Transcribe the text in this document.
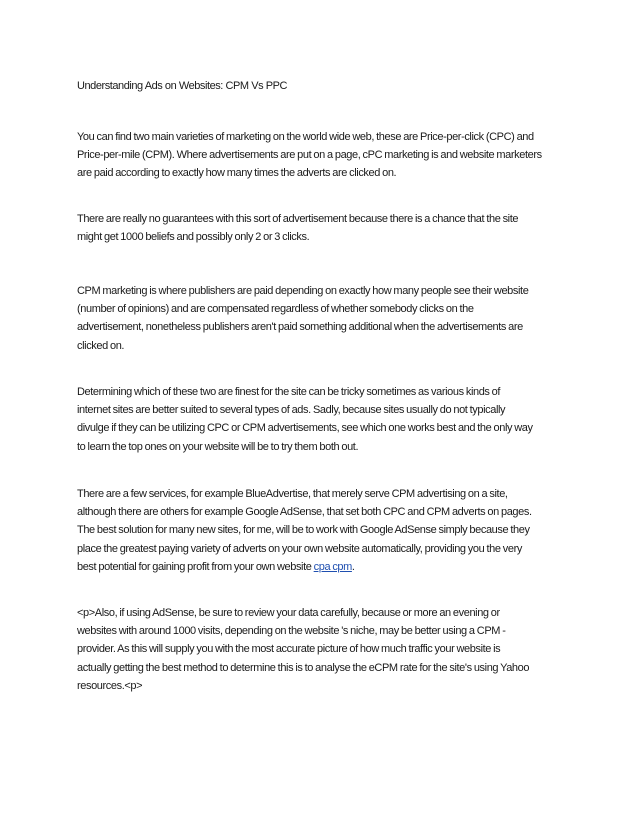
Understanding Ads on Websites: CPM Vs PPC
You can find two main varieties of marketing on the world wide web, these are Price-per-click (CPC) and
Price-per-mile (CPM). Where advertisements are put on a page, cPC marketing is and website marketers
are paid according to exactly how many times the adverts are clicked on.
There are really no guarantees with this sort of advertisement because there is a chance that the site
might get 1000 beliefs and possibly only 2 or 3 clicks.
CPM marketing is where publishers are paid depending on exactly how many people see their website
(number of opinions) and are compensated regardless of whether somebody clicks on the
advertisement, nonetheless publishers aren't paid something additional when the advertisements are
clicked on.
Determining which of these two are finest for the site can be tricky sometimes as various kinds of
internet sites are better suited to several types of ads. Sadly, because sites usually do not typically
divulge if they can be utilizing CPC or CPM advertisements, see which one works best and the only way
to learn the top ones on your website will be to try them both out.
There are a few services, for example BlueAdvertise, that merely serve CPM advertising on a site,
although there are others for example Google AdSense, that set both CPC and CPM adverts on pages.
The best solution for many new sites, for me, will be to work with Google AdSense simply because they
place the greatest paying variety of adverts on your own website automatically, providing you the very
best potential for gaining profit from your own website cpa cpm.
<p>Also, if using AdSense, be sure to review your data carefully, because or more an evening or
websites with around 1000 visits, depending on the website 's niche, may be better using a CPM -
provider. As this will supply you with the most accurate picture of how much traffic your website is
actually getting the best method to determine this is to analyse the eCPM rate for the site's using Yahoo
resources.<p>
